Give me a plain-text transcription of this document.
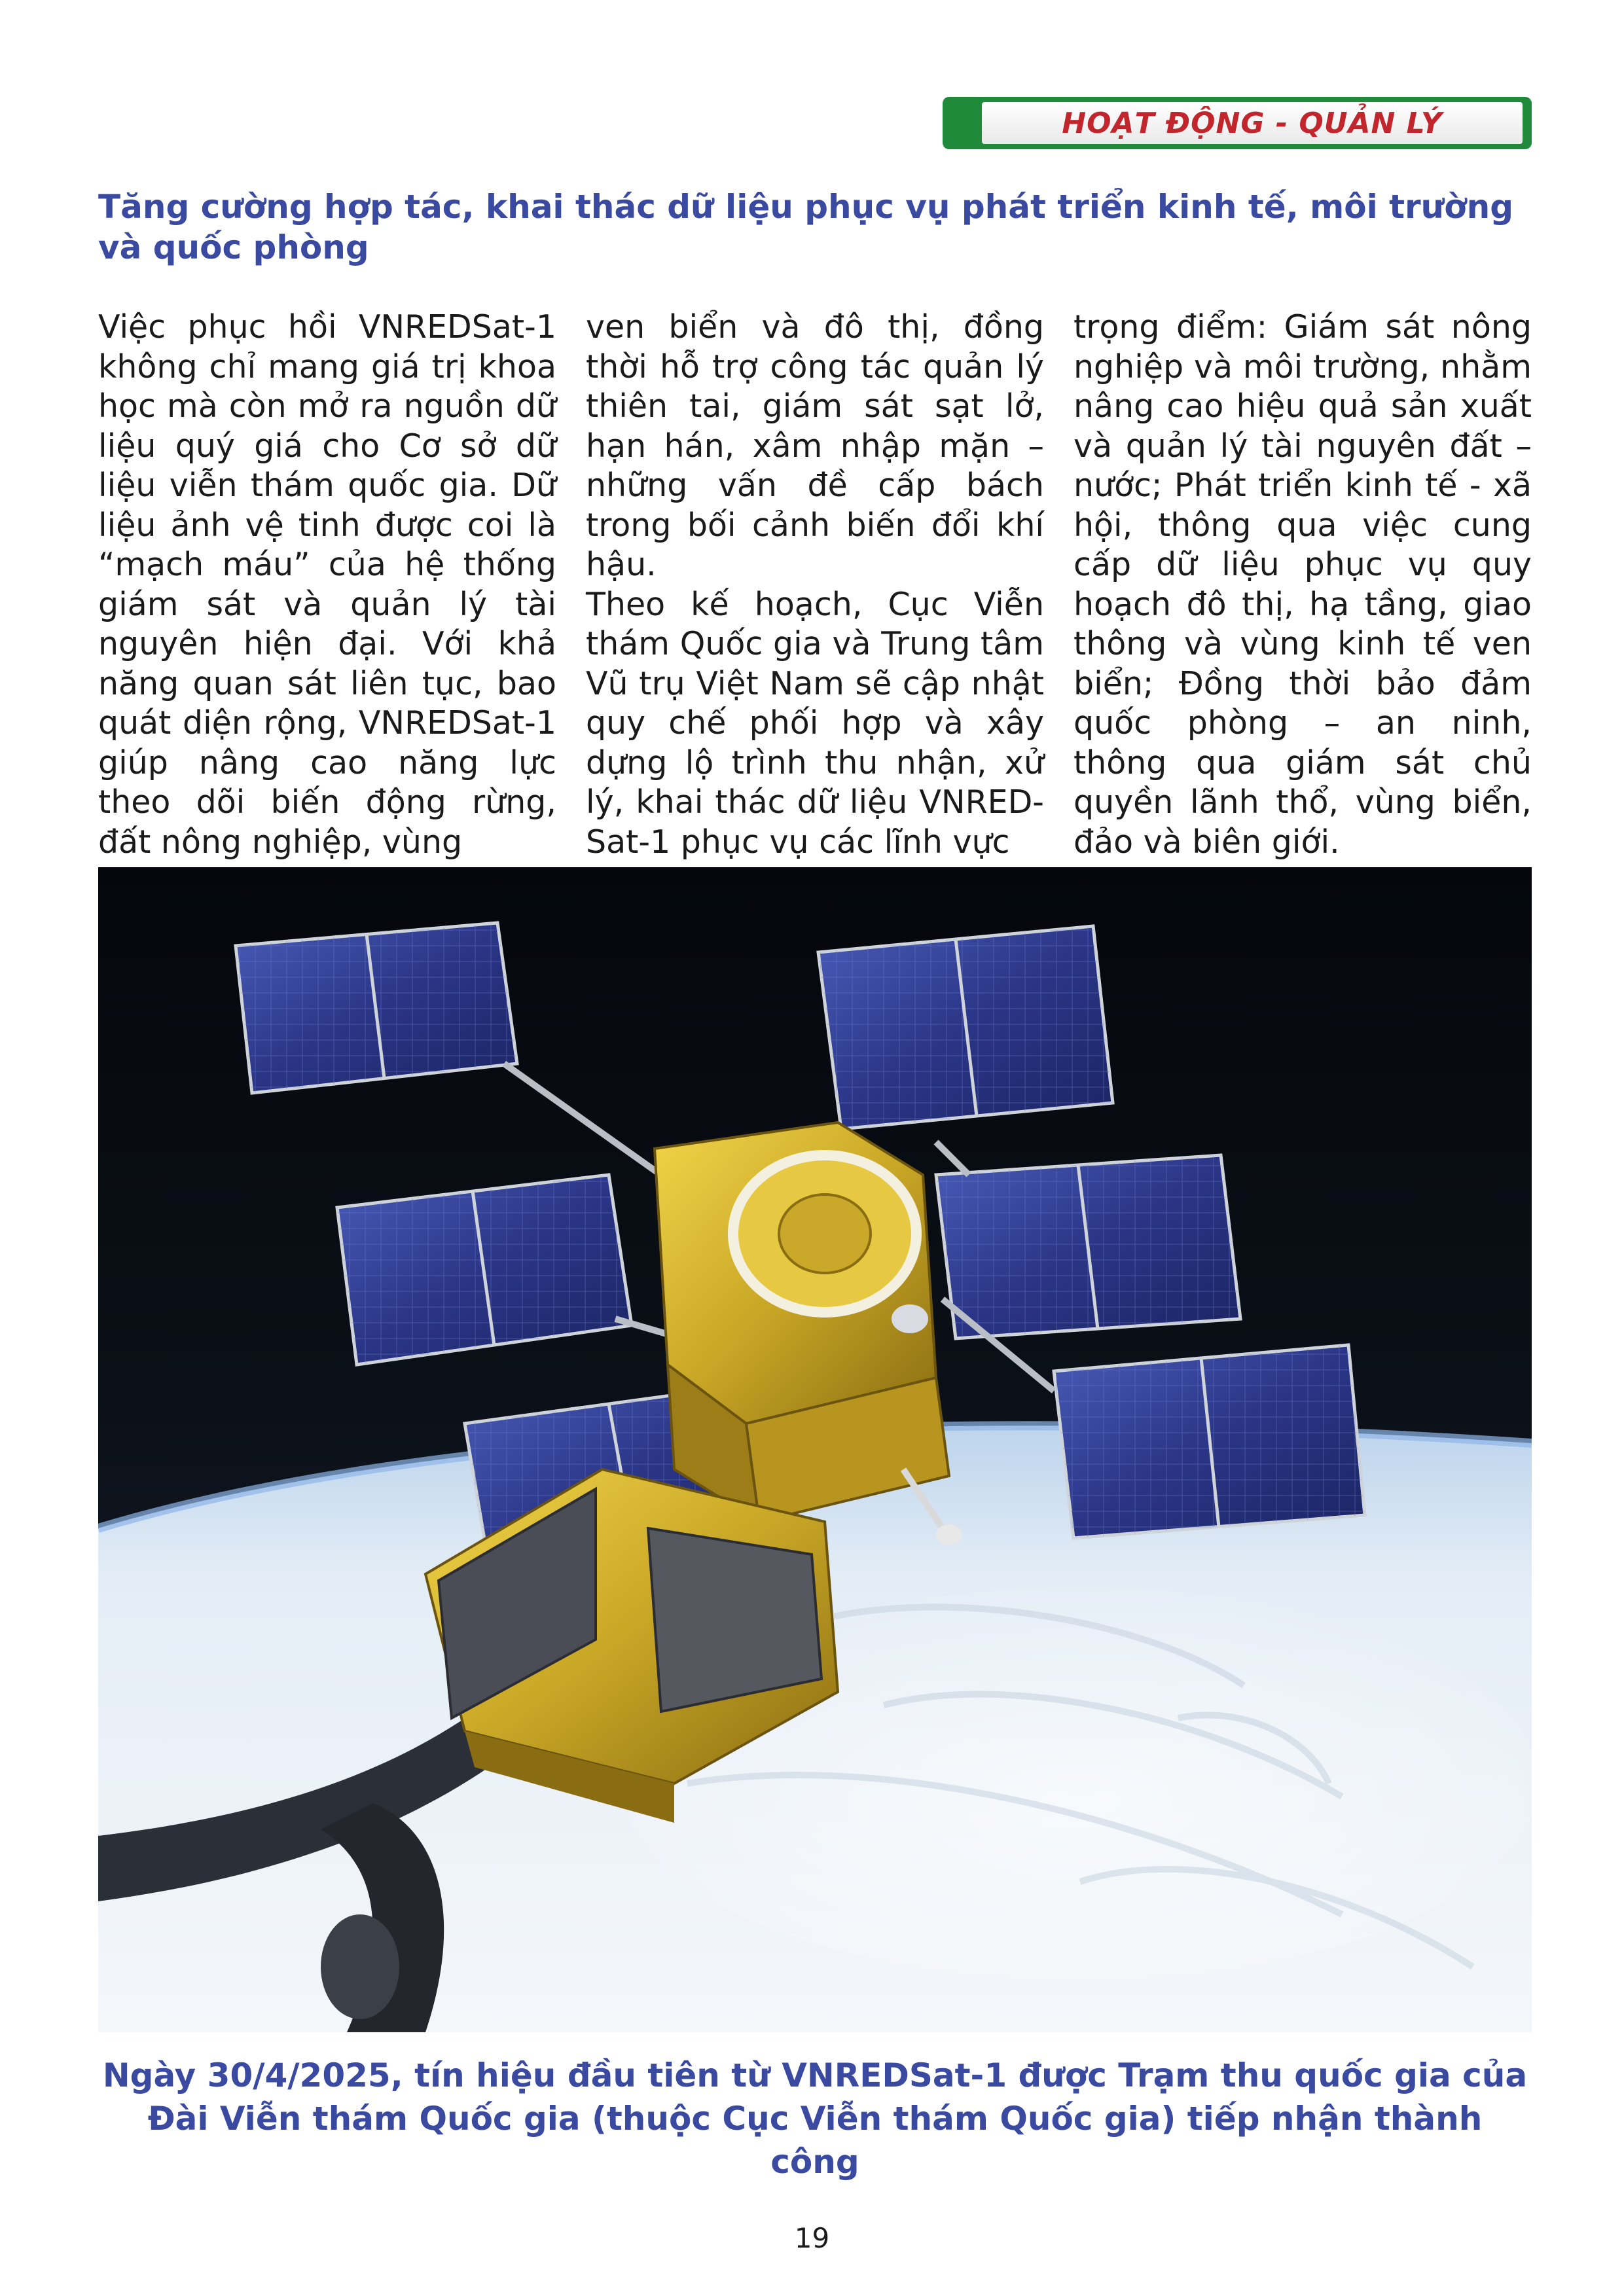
HOẠT ĐỘNG - QUẢN LÝ
Tăng cường hợp tác, khai thác dữ liệu phục vụ phát triển kinh tế, môi trường và quốc phòng

Việc phục hồi VNREDSat-1 không chỉ mang giá trị khoa học mà còn mở ra nguồn dữ liệu quý giá cho Cơ sở dữ liệu viễn thám quốc gia. Dữ liệu ảnh vệ tinh được coi là “mạch máu” của hệ thống giám sát và quản lý tài nguyên hiện đại. Với khả năng quan sát liên tục, bao quát diện rộng, VNREDSat-1 giúp nâng cao năng lực theo dõi biến động rừng, đất nông nghiệp, vùng

ven biển và đô thị, đồng thời hỗ trợ công tác quản lý thiên tai, giám sát sạt lở, hạn hán, xâm nhập mặn – những vấn đề cấp bách trong bối cảnh biến đổi khí hậu.

Theo kế hoạch, Cục Viễn thám Quốc gia và Trung tâm Vũ trụ Việt Nam sẽ cập nhật quy chế phối hợp và xây dựng lộ trình thu nhận, xử lý, khai thác dữ liệu VNRED-Sat-1 phục vụ các lĩnh vực

trọng điểm: Giám sát nông nghiệp và môi trường, nhằm nâng cao hiệu quả sản xuất và quản lý tài nguyên đất – nước; Phát triển kinh tế - xã hội, thông qua việc cung cấp dữ liệu phục vụ quy hoạch đô thị, hạ tầng, giao thông và vùng kinh tế ven biển; Đồng thời bảo đảm quốc phòng – an ninh, thông qua giám sát chủ quyền lãnh thổ, vùng biển, đảo và biên giới.

Ngày 30/4/2025, tín hiệu đầu tiên từ VNREDSat-1 được Trạm thu quốc gia của Đài Viễn thám Quốc gia (thuộc Cục Viễn thám Quốc gia) tiếp nhận thành công

19
